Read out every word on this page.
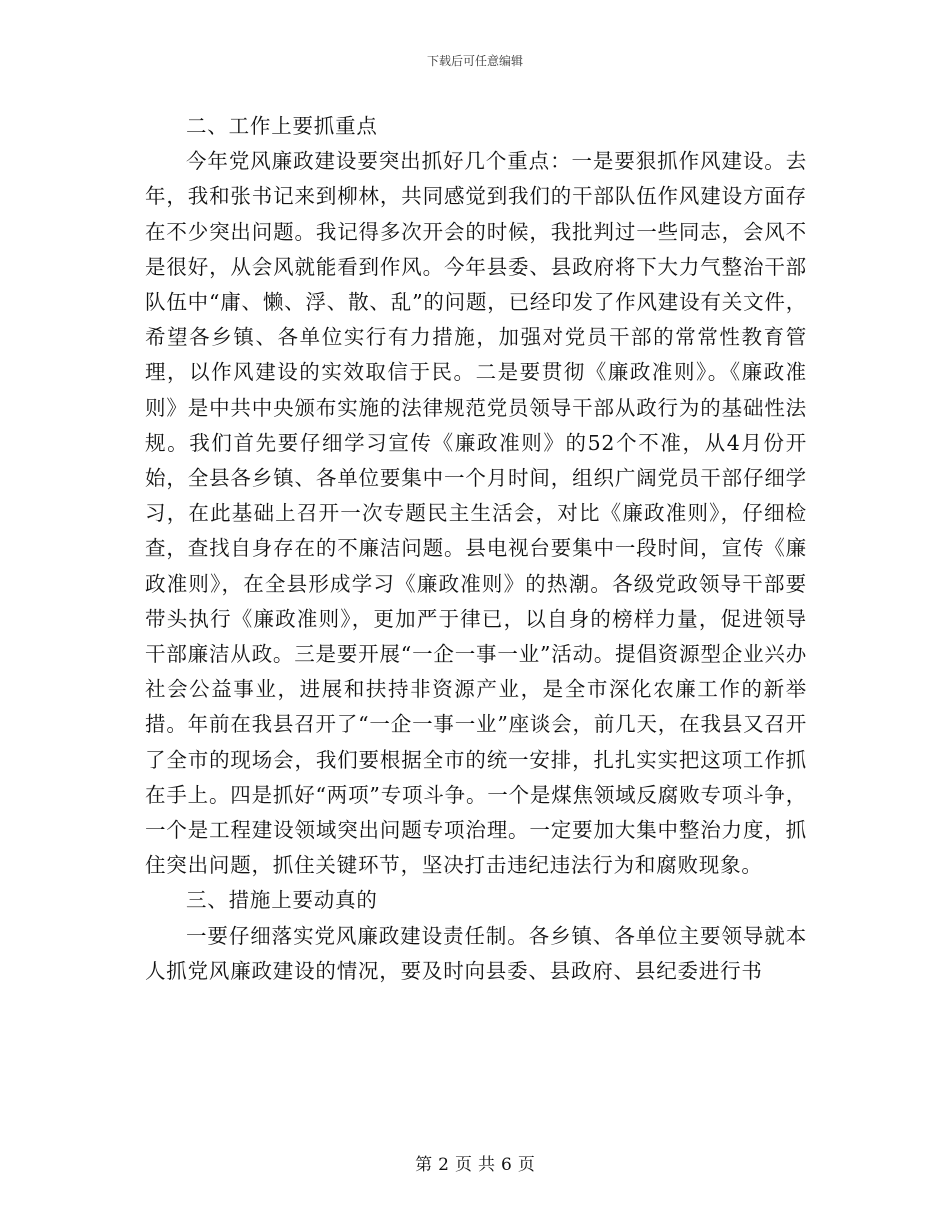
下载后可任意编辑

二、工作上要抓重点

今年党风廉政建设要突出抓好几个重点：一是要狠抓作风建设。去年，我和张书记来到柳林，共同感觉到我们的干部队伍作风建设方面存在不少突出问题。我记得多次开会的时候，我批判过一些同志，会风不是很好，从会风就能看到作风。今年县委、县政府将下大力气整治干部队伍中“庸、懒、浮、散、乱”的问题，已经印发了作风建设有关文件，希望各乡镇、各单位实行有力措施，加强对党员干部的常常性教育管理，以作风建设的实效取信于民。二是要贯彻《廉政准则》。《廉政准则》是中共中央颁布实施的法律规范党员领导干部从政行为的基础性法规。我们首先要仔细学习宣传《廉政准则》的52个不准，从4月份开始，全县各乡镇、各单位要集中一个月时间，组织广阔党员干部仔细学习，在此基础上召开一次专题民主生活会，对比《廉政准则》，仔细检查，查找自身存在的不廉洁问题。县电视台要集中一段时间，宣传《廉政准则》，在全县形成学习《廉政准则》的热潮。各级党政领导干部要带头执行《廉政准则》，更加严于律已，以自身的榜样力量，促进领导干部廉洁从政。三是要开展“一企一事一业”活动。提倡资源型企业兴办社会公益事业，进展和扶持非资源产业，是全市深化农廉工作的新举措。年前在我县召开了“一企一事一业”座谈会，前几天，在我县又召开了全市的现场会，我们要根据全市的统一安排，扎扎实实把这项工作抓在手上。四是抓好“两项”专项斗争。一个是煤焦领域反腐败专项斗争，一个是工程建设领域突出问题专项治理。一定要加大集中整治力度，抓住突出问题，抓住关键环节，坚决打击违纪违法行为和腐败现象。

三、措施上要动真的

一要仔细落实党风廉政建设责任制。各乡镇、各单位主要领导就本人抓党风廉政建设的情况，要及时向县委、县政府、县纪委进行书

第 2 页 共 6 页
